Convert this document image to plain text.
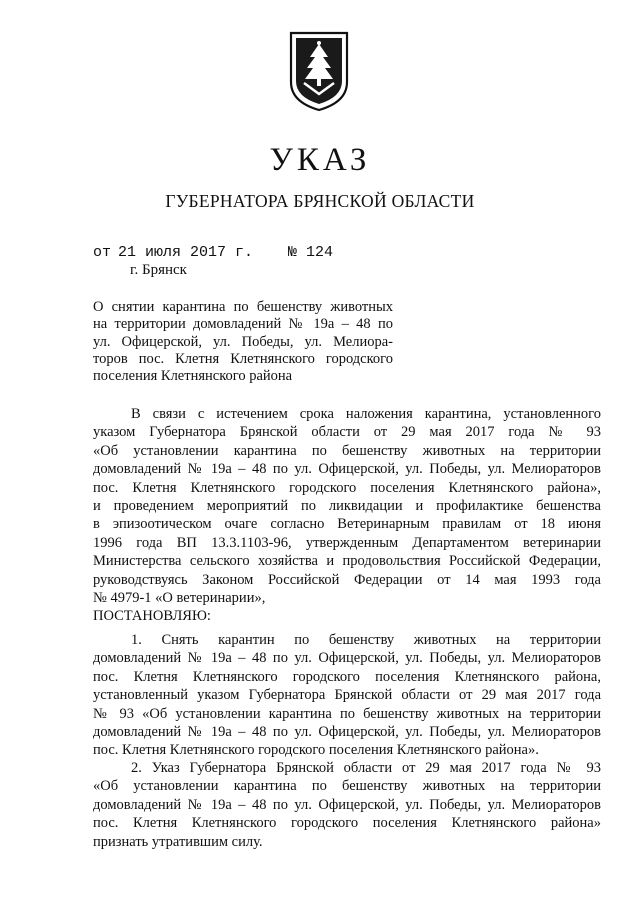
УКАЗ
ГУБЕРНАТОРА БРЯНСКОЙ ОБЛАСТИ
от 21 июля 2017 г. № 124
г. Брянск
О снятии карантина по бешенству животных
на территории домовладений № 19а – 48 по
ул. Офицерской, ул. Победы, ул. Мелиора-
торов пос. Клетня Клетнянского городского
поселения Клетнянского района
В связи с истечением срока наложения карантина, установленного
указом Губернатора Брянской области от 29 мая 2017 года № 93
«Об установлении карантина по бешенству животных на территории
домовладений № 19а – 48 по ул. Офицерской, ул. Победы, ул. Мелиораторов
пос. Клетня Клетнянского городского поселения Клетнянского района»,
и проведением мероприятий по ликвидации и профилактике бешенства
в эпизоотическом очаге согласно Ветеринарным правилам от 18 июня
1996 года ВП 13.3.1103-96, утвержденным Департаментом ветеринарии
Министерства сельского хозяйства и продовольствия Российской Федерации,
руководствуясь Законом Российской Федерации от 14 мая 1993 года
№ 4979-1 «О ветеринарии»,
ПОСТАНОВЛЯЮ:
1. Снять карантин по бешенству животных на территории
домовладений № 19а – 48 по ул. Офицерской, ул. Победы, ул. Мелиораторов
пос. Клетня Клетнянского городского поселения Клетнянского района,
установленный указом Губернатора Брянской области от 29 мая 2017 года
№ 93 «Об установлении карантина по бешенству животных на территории
домовладений № 19а – 48 по ул. Офицерской, ул. Победы, ул. Мелиораторов
пос. Клетня Клетнянского городского поселения Клетнянского района».
2. Указ Губернатора Брянской области от 29 мая 2017 года № 93
«Об установлении карантина по бешенству животных на территории
домовладений № 19а – 48 по ул. Офицерской, ул. Победы, ул. Мелиораторов
пос. Клетня Клетнянского городского поселения Клетнянского района»
признать утратившим силу.
